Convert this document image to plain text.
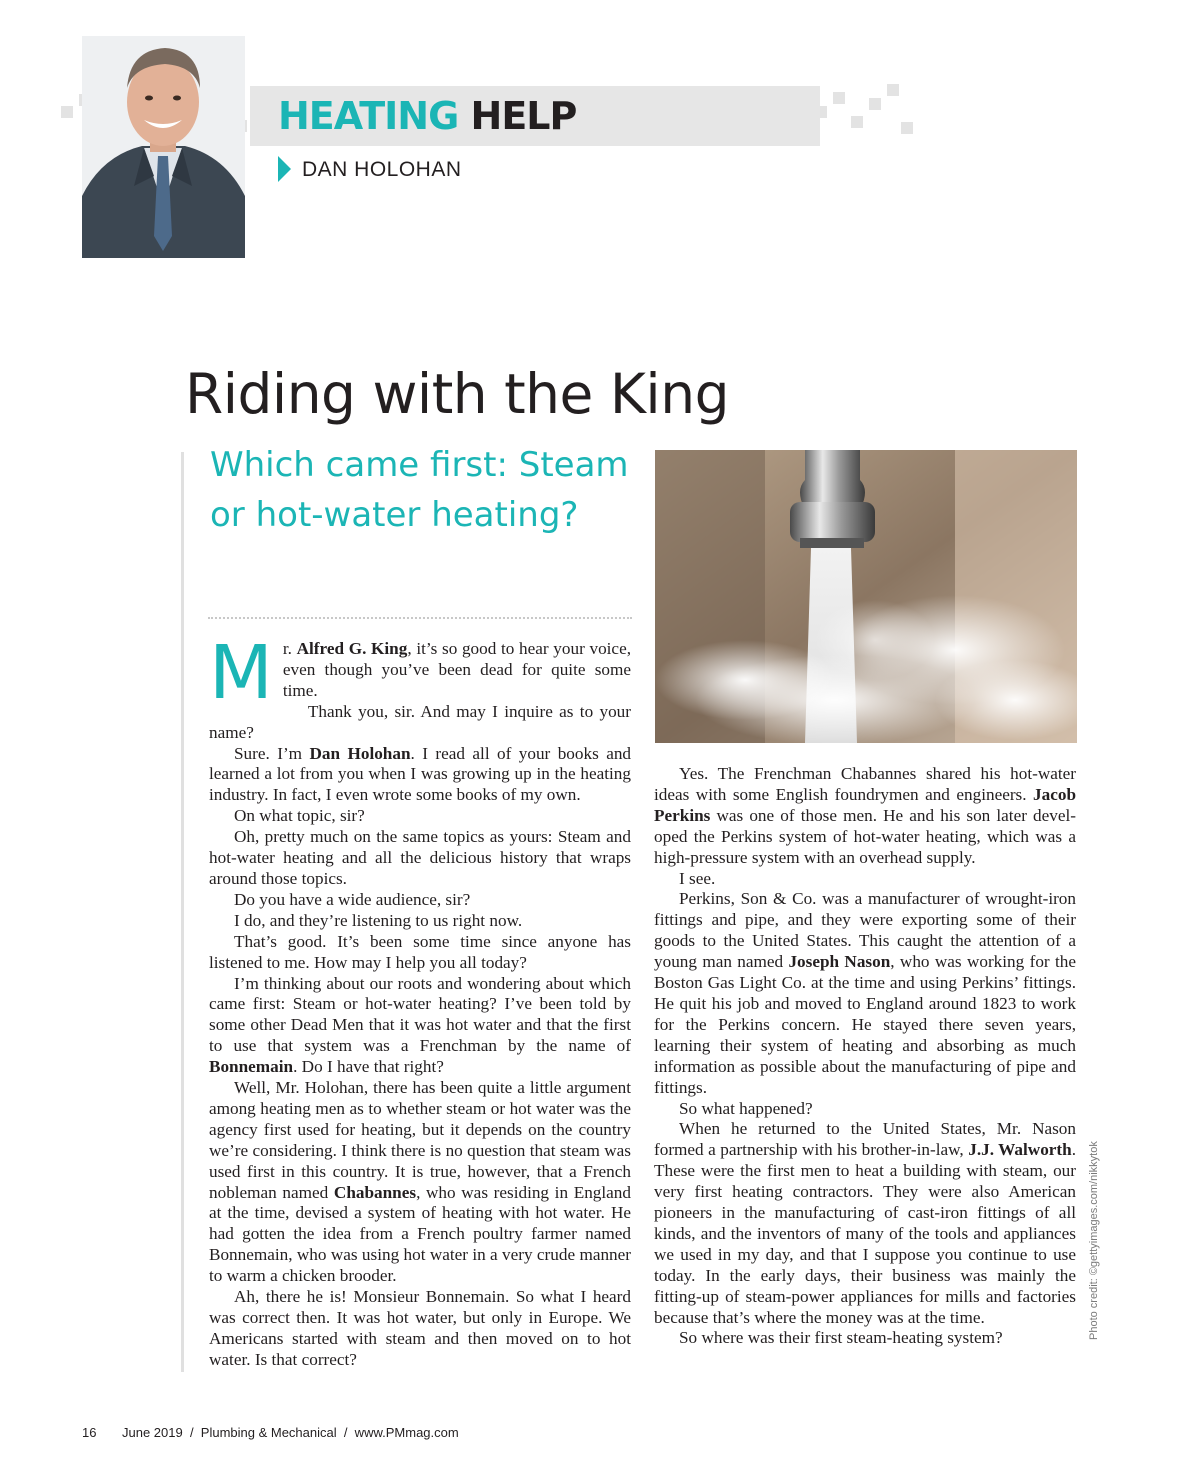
HEATING HELP
DAN HOLOHAN
Riding with the King
Which came first: Steam or hot-water heating?
M r. Alfred G. King, it’s so good to hear your voice, even though you’ve been dead for quite some time.

Thank you, sir. And may I inquire as to your name?

Sure. I’m Dan Holohan. I read all of your books and learned a lot from you when I was growing up in the heating industry. In fact, I even wrote some books of my own.

On what topic, sir?

Oh, pretty much on the same topics as yours: Steam and hot-water heating and all the delicious history that wraps around those topics.

Do you have a wide audience, sir?

I do, and they’re listening to us right now.

That’s good. It’s been some time since anyone has listened to me. How may I help you all today?

I’m thinking about our roots and wondering about which came first: Steam or hot-water heating? I’ve been told by some other Dead Men that it was hot water and that the first to use that system was a Frenchman by the name of Bonnemain. Do I have that right?

Well, Mr. Holohan, there has been quite a little argument among heating men as to whether steam or hot water was the agency first used for heating, but it depends on the country we’re considering. I think there is no question that steam was used first in this country. It is true, however, that a French nobleman named Chabannes, who was residing in England at the time, devised a system of heating with hot water. He had gotten the idea from a French poultry farmer named Bonnemain, who was using hot water in a very crude manner to warm a chicken brooder.

Ah, there he is! Monsieur Bonnemain. So what I heard was correct then. It was hot water, but only in Europe. We Americans started with steam and then moved on to hot water. Is that correct?

Yes. The Frenchman Chabannes shared his hot-water ideas with some English foundrymen and engineers. Jacob Perkins was one of those men. He and his son later developed the Perkins system of hot-water heating, which was a high-pressure system with an overhead supply.

I see.

Perkins, Son & Co. was a manufacturer of wrought-iron fittings and pipe, and they were exporting some of their goods to the United States. This caught the attention of a young man named Joseph Nason, who was working for the Boston Gas Light Co. at the time and using Perkins’ fittings. He quit his job and moved to England around 1823 to work for the Perkins concern. He stayed there seven years, learning their system of heating and absorbing as much information as possible about the manufacturing of pipe and fittings.

So what happened?

When he returned to the United States, Mr. Nason formed a partnership with his brother-in-law, J.J. Walworth. These were the first men to heat a building with steam, our very first heating contractors. They were also American pioneers in the manufacturing of cast-iron fittings of all kinds, and the inventors of many of the tools and appliances we used in my day, and that I suppose you continue to use today. In the early days, their business was mainly the fitting-up of steam-power appliances for mills and factories because that’s where the money was at the time.

So where was their first steam-heating system?	Photo credit: ©gettyimages.com/nikkytok
16 June 2019  /  Plumbing & Mechanical  /  www.PMmag.com
